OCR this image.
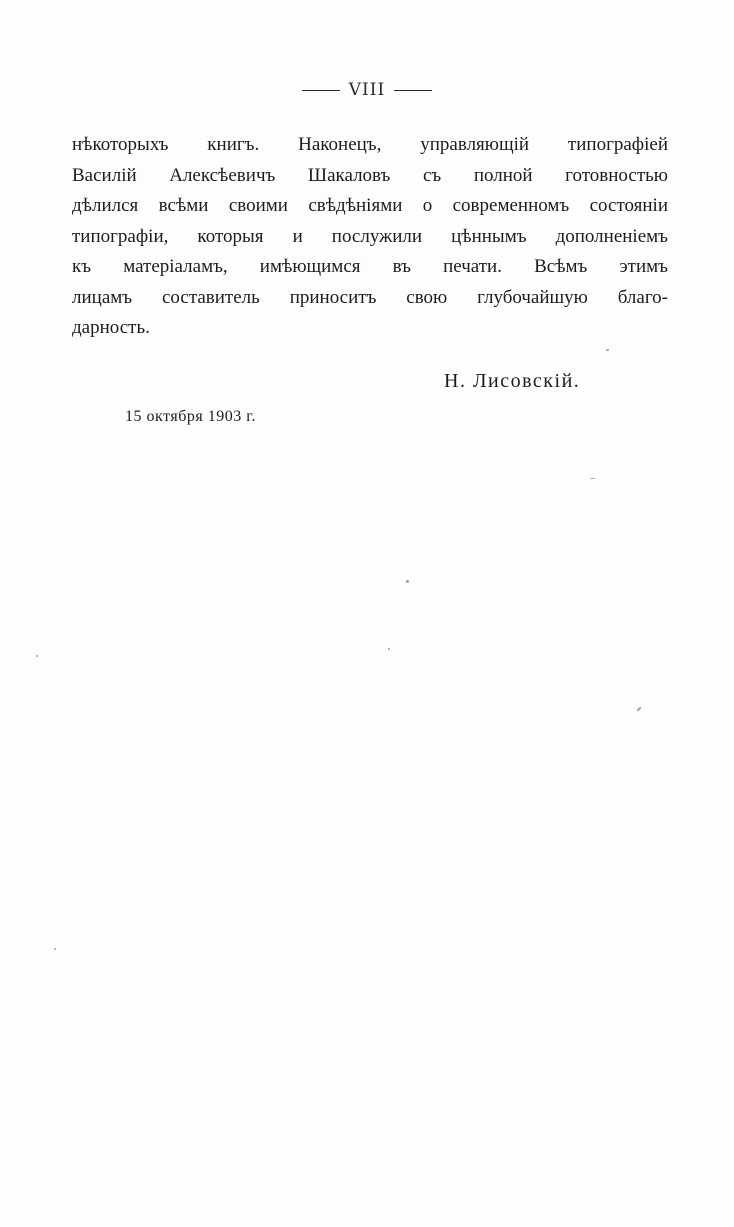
VIII
нѣкоторыхъ книгъ. Наконецъ, управляющій типографіей
Василій Алексѣевичъ Шакаловъ съ полной готовностью
дѣлился всѣми своими свѣдѣніями о современномъ состояніи
типографіи, которыя и послужили цѣннымъ дополненіемъ
къ матеріаламъ, имѣющимся въ печати. Всѣмъ этимъ
лицамъ составитель приноситъ свою глубочайшую благо-
дарность.
Н. Лисовскій.
15 октября 1903 г.
